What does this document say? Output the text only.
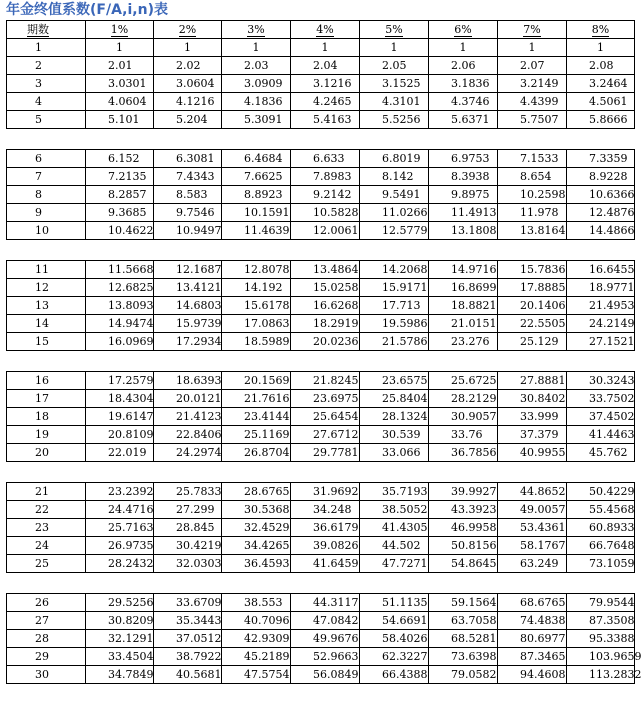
年金终值系数(F/A,i,n)表
期数	1%	2%	3%	4%	5%	6%	7%	8%
1	1	1	1	1	1	1	1	1
2	2.01	2.02	2.03	2.04	2.05	2.06	2.07	2.08
3	3.0301	3.0604	3.0909	3.1216	3.1525	3.1836	3.2149	3.2464
4	4.0604	4.1216	4.1836	4.2465	4.3101	4.3746	4.4399	4.5061
5	5.101	5.204	5.3091	5.4163	5.5256	5.6371	5.7507	5.8666

6	6.152	6.3081	6.4684	6.633	6.8019	6.9753	7.1533	7.3359
7	7.2135	7.4343	7.6625	7.8983	8.142	8.3938	8.654	8.9228
8	8.2857	8.583	8.8923	9.2142	9.5491	9.8975	10.2598	10.6366
9	9.3685	9.7546	10.1591	10.5828	11.0266	11.4913	11.978	12.4876
10	10.4622	10.9497	11.4639	12.0061	12.5779	13.1808	13.8164	14.4866

11	11.5668	12.1687	12.8078	13.4864	14.2068	14.9716	15.7836	16.6455
12	12.6825	13.4121	14.192	15.0258	15.9171	16.8699	17.8885	18.9771
13	13.8093	14.6803	15.6178	16.6268	17.713	18.8821	20.1406	21.4953
14	14.9474	15.9739	17.0863	18.2919	19.5986	21.0151	22.5505	24.2149
15	16.0969	17.2934	18.5989	20.0236	21.5786	23.276	25.129	27.1521

16	17.2579	18.6393	20.1569	21.8245	23.6575	25.6725	27.8881	30.3243
17	18.4304	20.0121	21.7616	23.6975	25.8404	28.2129	30.8402	33.7502
18	19.6147	21.4123	23.4144	25.6454	28.1324	30.9057	33.999	37.4502
19	20.8109	22.8406	25.1169	27.6712	30.539	33.76	37.379	41.4463
20	22.019	24.2974	26.8704	29.7781	33.066	36.7856	40.9955	45.762

21	23.2392	25.7833	28.6765	31.9692	35.7193	39.9927	44.8652	50.4229
22	24.4716	27.299	30.5368	34.248	38.5052	43.3923	49.0057	55.4568
23	25.7163	28.845	32.4529	36.6179	41.4305	46.9958	53.4361	60.8933
24	26.9735	30.4219	34.4265	39.0826	44.502	50.8156	58.1767	66.7648
25	28.2432	32.0303	36.4593	41.6459	47.7271	54.8645	63.249	73.1059

26	29.5256	33.6709	38.553	44.3117	51.1135	59.1564	68.6765	79.9544
27	30.8209	35.3443	40.7096	47.0842	54.6691	63.7058	74.4838	87.3508
28	32.1291	37.0512	42.9309	49.9676	58.4026	68.5281	80.6977	95.3388
29	33.4504	38.7922	45.2189	52.9663	62.3227	73.6398	87.3465	103.9659
30	34.7849	40.5681	47.5754	56.0849	66.4388	79.0582	94.4608	113.2832
